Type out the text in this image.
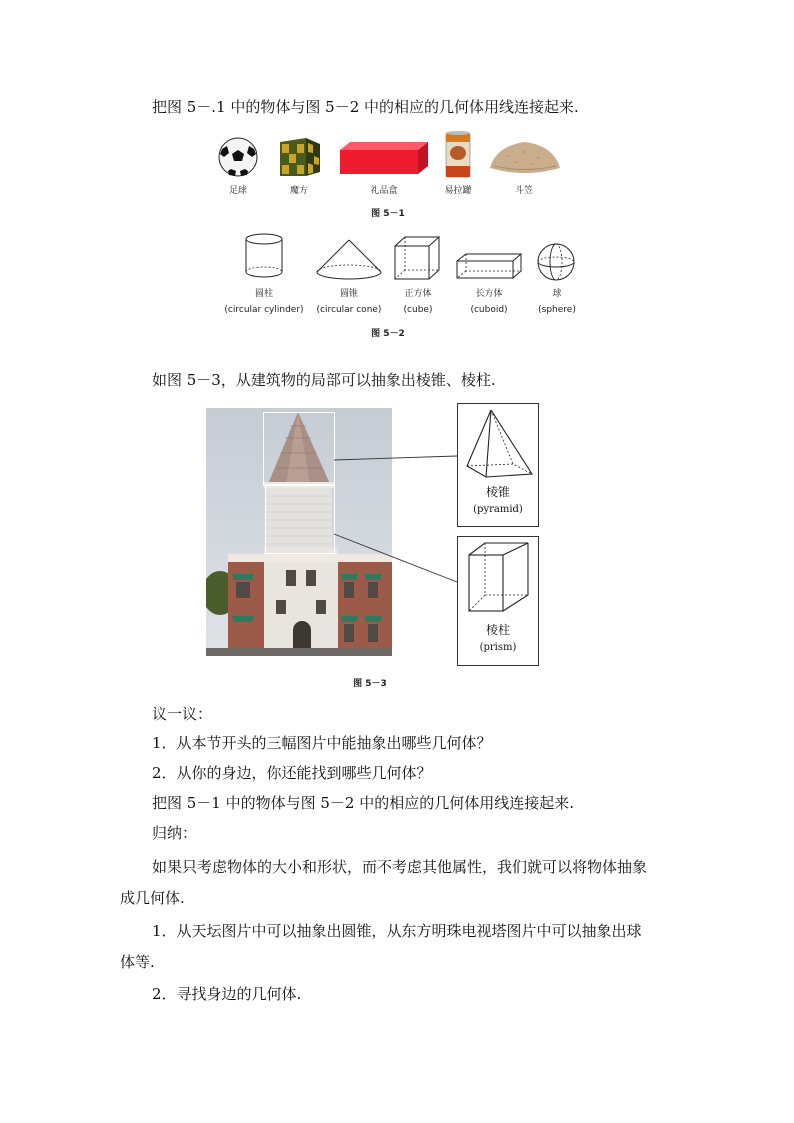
把图 5－.1 中的物体与图 5－2 中的相应的几何体用线连接起来.
足球	魔方	礼品盒	易拉罐	斗笠
图 5－1
圆柱
(circular cylinder)
圆锥
(circular cone)
正方体
(cube)
长方体
(cuboid)
球
(sphere)
图 5－2
如图 5－3，从建筑物的局部可以抽象出棱锥、棱柱.
棱锥
(pyramid)
棱柱
(prism)
图 5－3
议一议：
1．从本节开头的三幅图片中能抽象出哪些几何体？
2．从你的身边，你还能找到哪些几何体？
把图 5－1 中的物体与图 5－2 中的相应的几何体用线连接起来.
归纳：
如果只考虑物体的大小和形状，而不考虑其他属性，我们就可以将物体抽象
成几何体.
1．从天坛图片中可以抽象出圆锥，从东方明珠电视塔图片中可以抽象出球
体等.
2．寻找身边的几何体.
